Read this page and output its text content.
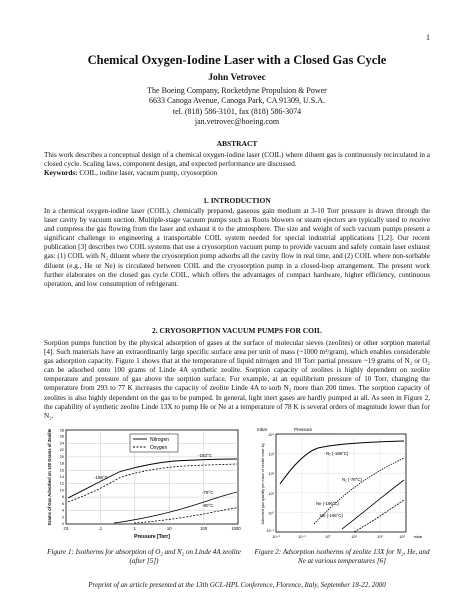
1
Chemical Oxygen-Iodine Laser with a Closed Gas Cycle
John Vetrovec
The Boeing Company, Rocketdyne Propulsion & Power
6633 Canoga Avenue, Canoga Park, CA 91309, U.S.A.
tel. (818) 586-3101, fax (818) 586-3074
jan.vetrovec@boeing.com
ABSTRACT

This work describes a conceptual design of a chemical oxygen-iodine laser (COIL) where diluent gas is continuously recirculated in a closed cycle. Scaling laws, component design, and expected performance are discussed.

Keywords: COIL, iodine laser, vacuum pump, cryosorption

1. INTRODUCTION

In a chemical oxygen-iodine laser (COIL), chemically prepared, gaseous gain medium at 3-10 Torr pressure is drawn through the laser cavity by vacuum suction. Multiple-stage vacuum pumps such as Roots blowers or steam ejectors are typically used to receive and compress the gas flowing from the laser and exhaust it to the atmosphere. The size and weight of such vacuum pumps present a significant challenge to engineering a transportable COIL system needed for special industrial applications [1,2]. Our recent publication [3] describes two COIL systems that use a cryosorption vacuum pump to provide vacuum and safely contain laser exhaust gas: (1) COIL with N₂ diluent where the cryosorption pump adsorbs all the cavity flow in real time, and (2) COIL where non-sorbable diluent (e.g., He or Ne) is circulated between COIL and the cryosorption pump in a closed-loop arrangement. The present work further elaborates on the closed gas cycle COIL, which offers the advantages of compact hardware, higher efficiency, continuous operation, and low consumption of refrigerant.

2. CRYOSORPTION VACUUM PUMPS FOR COIL

Sorption pumps function by the physical adsorption of gases at the surface of molecular sieves (zeolites) or other sorption material [4]. Such materials have an extraordinarily large specific surface area per unit of mass (~1000 m²/gram), which enables considerable gas adsorption capacity. Figure 1 shows that at the temperature of liquid nitrogen and 10 Torr partial pressure ~19 grams of N₂ or O₂ can be adsorbed onto 100 grams of Linde 4A synthetic zeolite. Sorption capacity of zeolites is highly dependent on zeolite temperature and pressure of gas above the sorption surface. For example, at an equilibrium pressure of 10 Torr, changing the temperature from 293 to 77 K increases the capacity of zeolite Linde 4A to sorb N₂ more than 200 times. The sorption capacity of zeolites is also highly dependent on the gas to be pumped. In general, light inert gases are hardly pumped at all. As seen in Figure 2, the capability of synthetic zeolite Linde 13X to pump He or Ne at a temperature of 78 K is several orders of magnitude lower than for N₂.

Nitrogen
Oxygen
-183°C
-196°C
-78°C
-90°C
0
2
4
6
8
10
12
14
16
18
20
22
24
26
28
.01	.1	1	10	100	1000
Pressure [Torr]
Grams of Gas Adsorbed on 100 Grams of Zeolite
Figure 1: Isotherms for absorption of O₂ and N₂ on Linde 4A zeolite (after [5])
mbar	Pressure
N₂ (-196°C)
N₂ (-78°C)
Ne (-196°C)
He (-196°C)
10⁴
10³
10²
10¹
10⁰
10⁻¹
10⁻²	10⁻¹	10⁰	10¹	10²	10³ mbar
Adsorbed gas quantity per mass of zeolite mbar·l/g
Figure 2: Adsorption isotherms of zeolite 13X for N₂, He, and Ne at various temperatures [6]
Preprint of an article presented at the 13th GCL-HPL Conference, Florence, Italy, September 18-22, 2000
